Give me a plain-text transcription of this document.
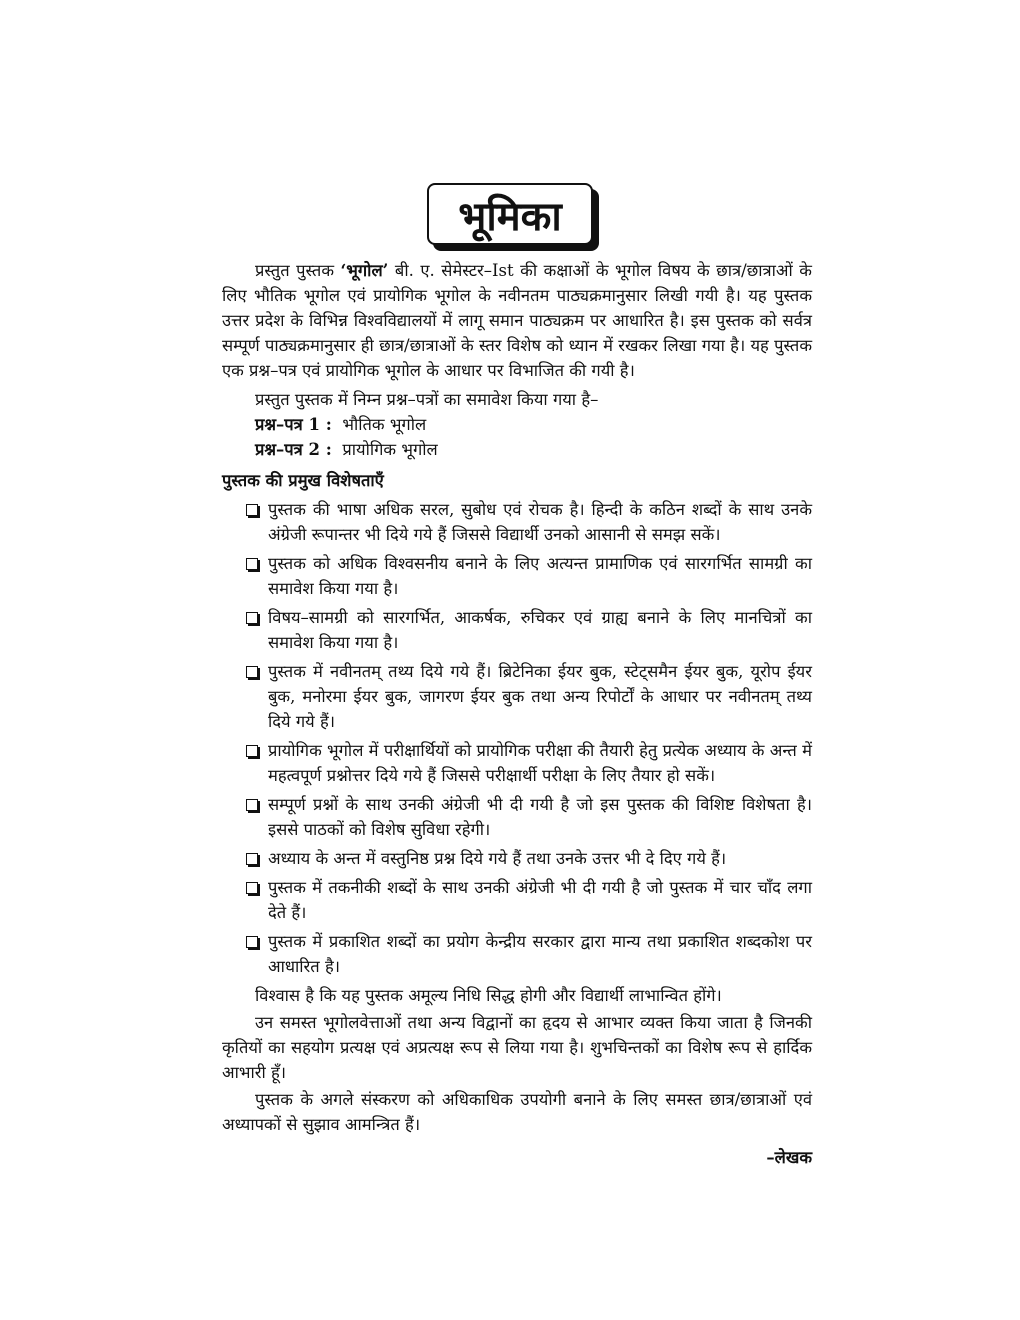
भूमिका

प्रस्तुत पुस्तक ‘भूगोल’ बी. ए. सेमेस्टर–Ist की कक्षाओं के भूगोल विषय के छात्र/छात्राओं के लिए भौतिक भूगोल एवं प्रायोगिक भूगोल के नवीनतम पाठ्यक्रमानुसार लिखी गयी है। यह पुस्तक उत्तर प्रदेश के विभिन्न विश्वविद्यालयों में लागू समान पाठ्यक्रम पर आधारित है। इस पुस्तक को सर्वत्र सम्पूर्ण पाठ्यक्रमानुसार ही छात्र/छात्राओं के स्तर विशेष को ध्यान में रखकर लिखा गया है। यह पुस्तक एक प्रश्न–पत्र एवं प्रायोगिक भूगोल के आधार पर विभाजित की गयी है।

प्रस्तुत पुस्तक में निम्न प्रश्न–पत्रों का समावेश किया गया है–

प्रश्न–पत्र 1 : भौतिक भूगोल

प्रश्न–पत्र 2 : प्रायोगिक भूगोल

पुस्तक की प्रमुख विशेषताएँ
पुस्तक की भाषा अधिक सरल, सुबोध एवं रोचक है। हिन्दी के कठिन शब्दों के साथ उनके अंग्रेजी रूपान्तर भी दिये गये हैं जिससे विद्यार्थी उनको आसानी से समझ सकें।
पुस्तक को अधिक विश्वसनीय बनाने के लिए अत्यन्त प्रामाणिक एवं सारगर्भित सामग्री का समावेश किया गया है।
विषय–सामग्री को सारगर्भित, आकर्षक, रुचिकर एवं ग्राह्य बनाने के लिए मानचित्रों का समावेश किया गया है।
पुस्तक में नवीनतम् तथ्य दिये गये हैं। ब्रिटेनिका ईयर बुक, स्टेट्समैन ईयर बुक, यूरोप ईयर बुक, मनोरमा ईयर बुक, जागरण ईयर बुक तथा अन्य रिपोर्टों के आधार पर नवीनतम् तथ्य दिये गये हैं।
प्रायोगिक भूगोल में परीक्षार्थियों को प्रायोगिक परीक्षा की तैयारी हेतु प्रत्येक अध्याय के अन्त में महत्वपूर्ण प्रश्नोत्तर दिये गये हैं जिससे परीक्षार्थी परीक्षा के लिए तैयार हो सकें।
सम्पूर्ण प्रश्नों के साथ उनकी अंग्रेजी भी दी गयी है जो इस पुस्तक की विशिष्ट विशेषता है। इससे पाठकों को विशेष सुविधा रहेगी।
अध्याय के अन्त में वस्तुनिष्ठ प्रश्न दिये गये हैं तथा उनके उत्तर भी दे दिए गये हैं।
पुस्तक में तकनीकी शब्दों के साथ उनकी अंग्रेजी भी दी गयी है जो पुस्तक में चार चाँद लगा देते हैं।
पुस्तक में प्रकाशित शब्दों का प्रयोग केन्द्रीय सरकार द्वारा मान्य तथा प्रकाशित शब्दकोश पर आधारित है।

विश्वास है कि यह पुस्तक अमूल्य निधि सिद्ध होगी और विद्यार्थी लाभान्वित होंगे।

उन समस्त भूगोलवेत्ताओं तथा अन्य विद्वानों का हृदय से आभार व्यक्त किया जाता है जिनकी कृतियों का सहयोग प्रत्यक्ष एवं अप्रत्यक्ष रूप से लिया गया है। शुभचिन्तकों का विशेष रूप से हार्दिक आभारी हूँ।

पुस्तक के अगले संस्करण को अधिकाधिक उपयोगी बनाने के लिए समस्त छात्र/छात्राओं एवं अध्यापकों से सुझाव आमन्त्रित हैं।

–लेखक
